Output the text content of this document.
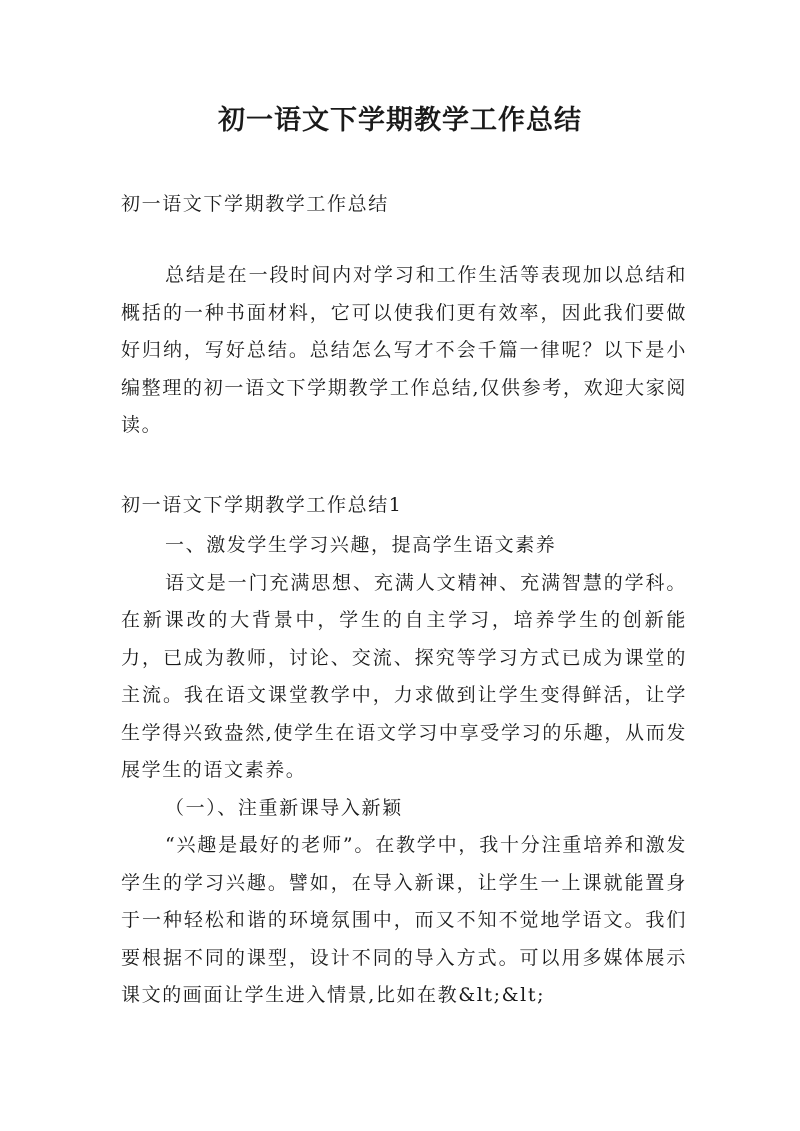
初一语文下学期教学工作总结
初一语文下学期教学工作总结

总结是在一段时间内对学习和工作生活等表现加以总结和概括的一种书面材料，它可以使我们更有效率，因此我们要做好归纳，写好总结。总结怎么写才不会千篇一律呢？以下是小编整理的初一语文下学期教学工作总结,仅供参考，欢迎大家阅读。

初一语文下学期教学工作总结1

一、激发学生学习兴趣，提高学生语文素养

语文是一门充满思想、充满人文精神、充满智慧的学科。在新课改的大背景中，学生的自主学习，培养学生的创新能力，已成为教师，讨论、交流、探究等学习方式已成为课堂的主流。我在语文课堂教学中，力求做到让学生变得鲜活，让学生学得兴致盎然,使学生在语文学习中享受学习的乐趣，从而发展学生的语文素养。

（一）、注重新课导入新颖

“兴趣是最好的老师”。在教学中，我十分注重培养和激发学生的学习兴趣。譬如，在导入新课，让学生一上课就能置身于一种轻松和谐的环境氛围中，而又不知不觉地学语文。我们要根据不同的课型，设计不同的导入方式。可以用多媒体展示课文的画面让学生进入情景,比如在教&lt;&lt;
